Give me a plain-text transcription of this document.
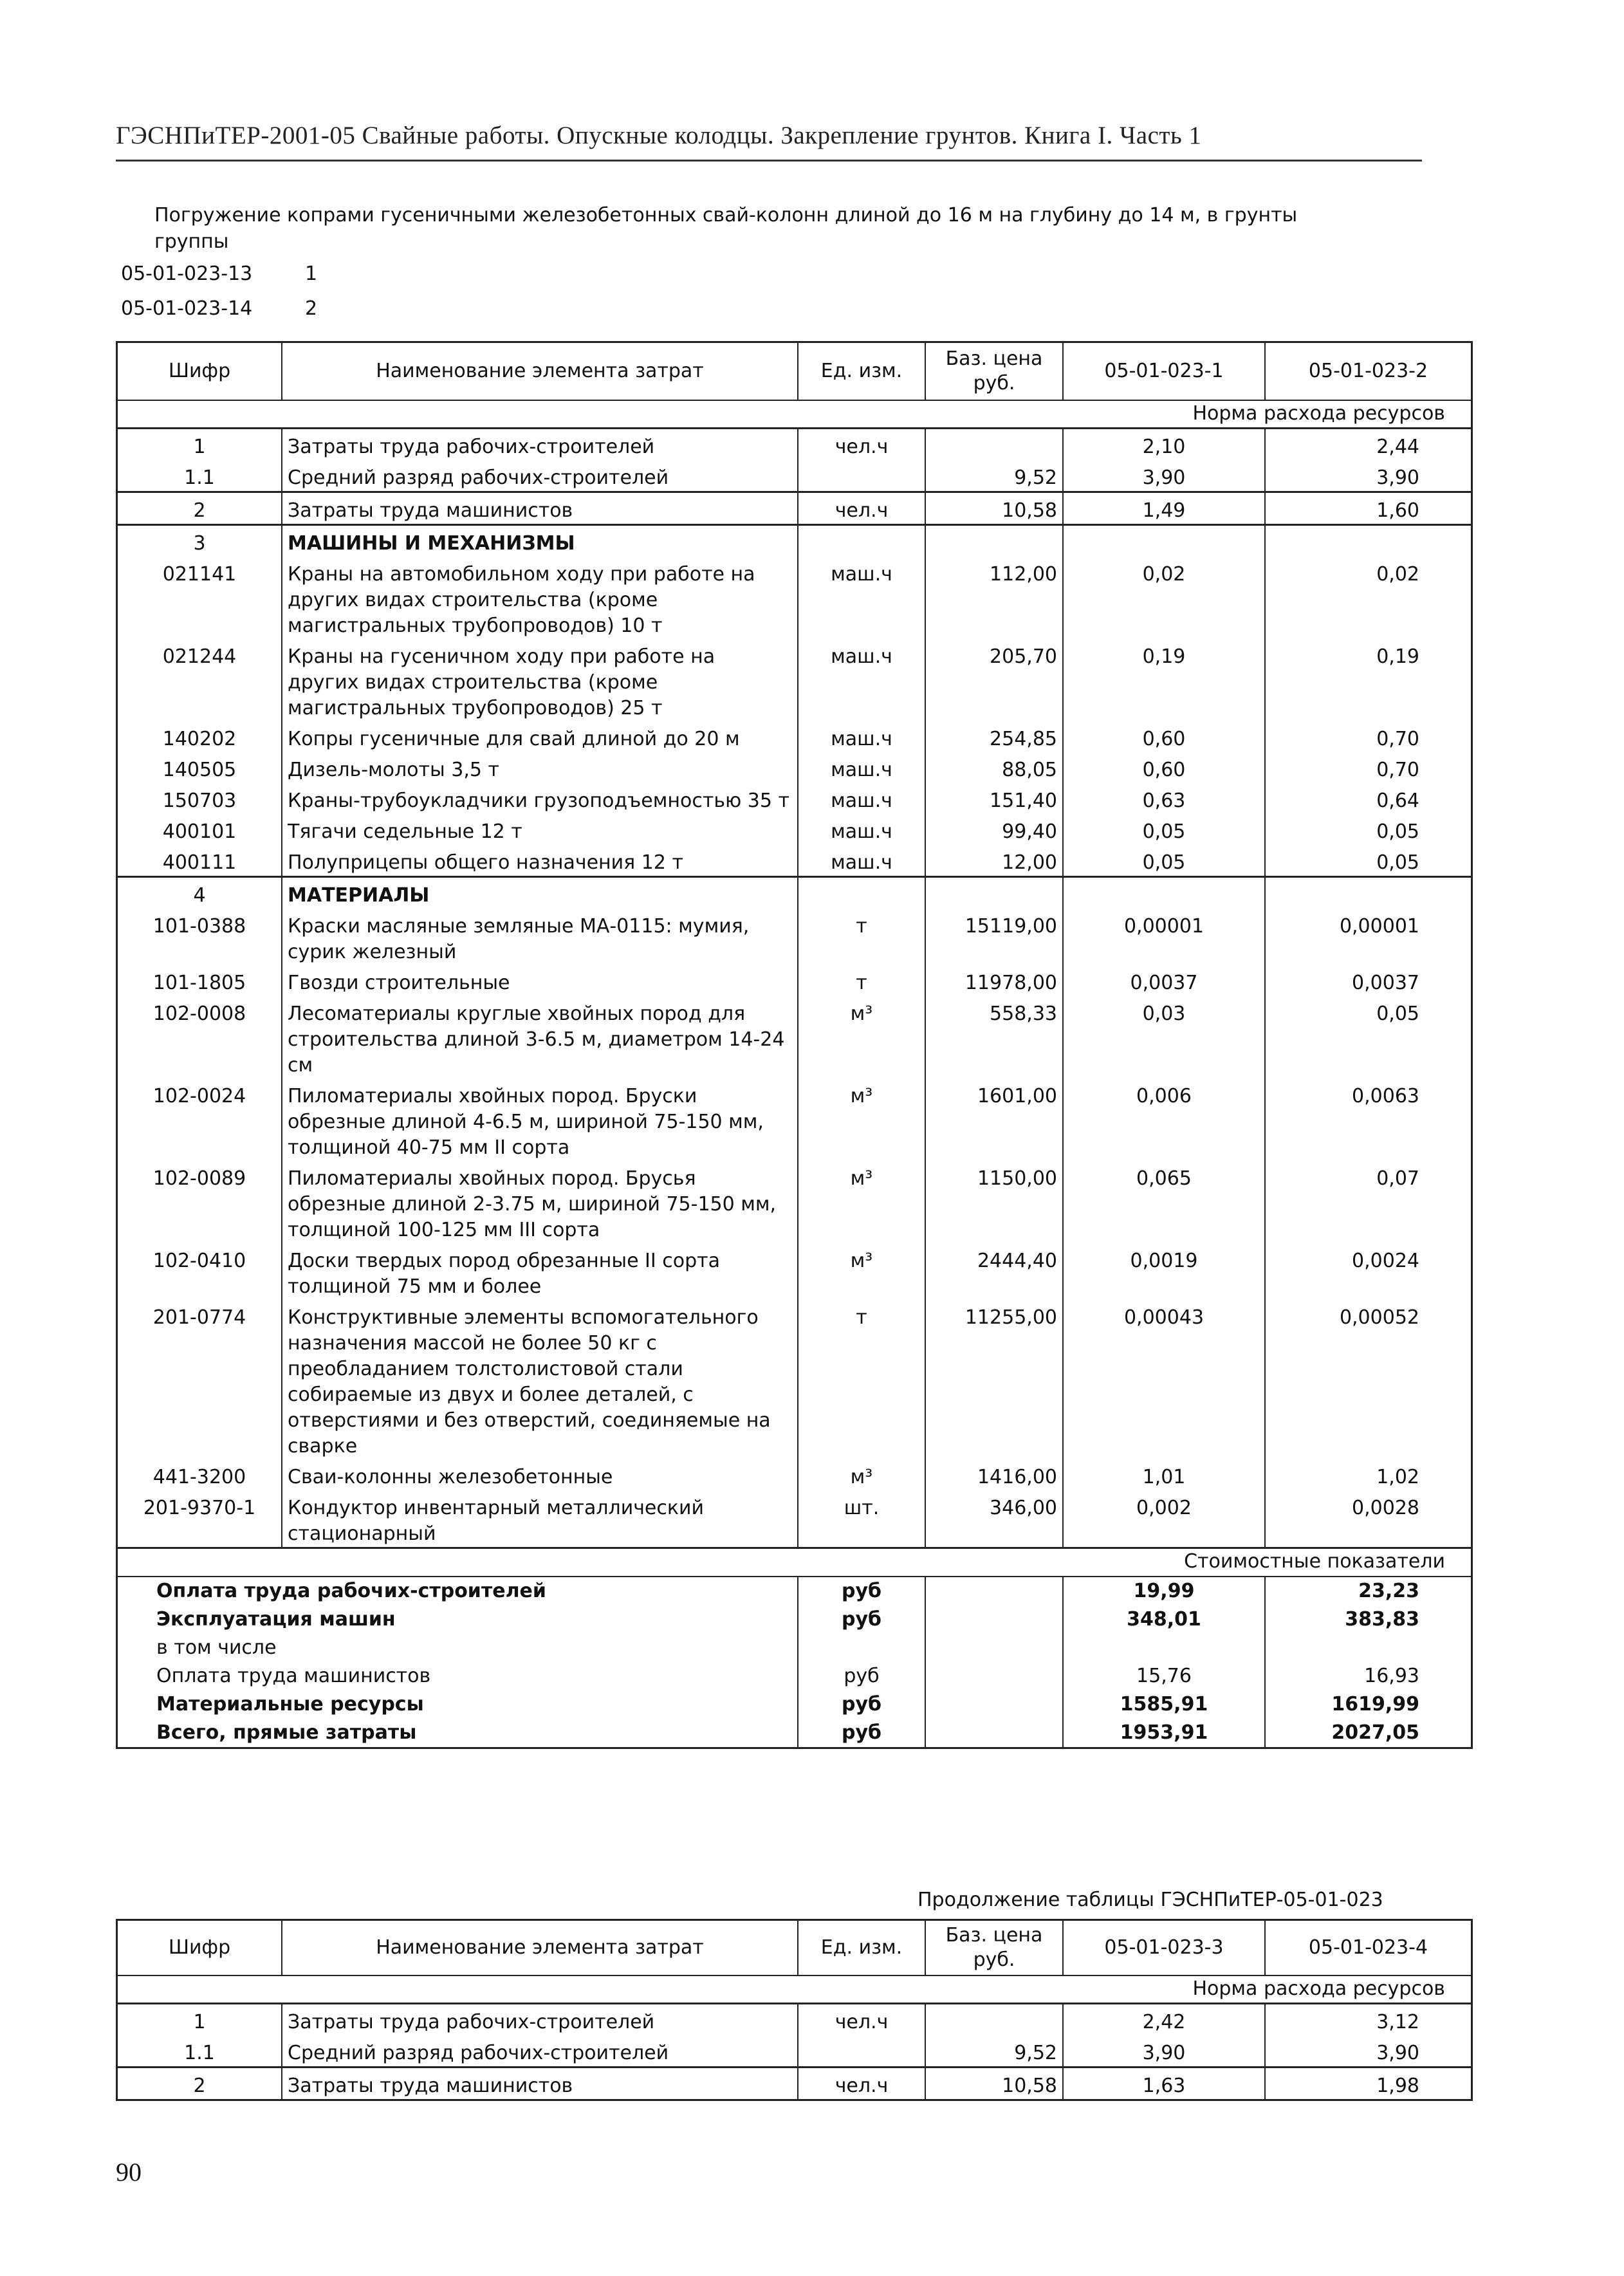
ГЭСНПиТЕР-2001-05 Свайные работы. Опускные колодцы. Закрепление грунтов. Книга I. Часть 1
Погружение копрами гусеничными железобетонных свай-колонн длиной до 16 м на глубину до 14 м, в грунты группы
05-01-023-13	1
05-01-023-14	2
Шифр	Наименование элемента затрат	Ед. изм.	Баз. цена руб.	05-01-023-1	05-01-023-2
Норма расхода ресурсов					
1	Затраты труда рабочих-строителей	чел.ч		2,10	2,44
1.1	Средний разряд рабочих-строителей		9,52	3,90	3,90
2	Затраты труда машинистов	чел.ч	10,58	1,49	1,60
3	МАШИНЫ И МЕХАНИЗМЫ				
021141	Краны на автомобильном ходу при работе на других видах строительства (кроме магистральных трубопроводов) 10 т	маш.ч	112,00	0,02	0,02
021244	Краны на гусеничном ходу при работе на других видах строительства (кроме магистральных трубопроводов) 25 т	маш.ч	205,70	0,19	0,19
140202	Копры гусеничные для свай длиной до 20 м	маш.ч	254,85	0,60	0,70
140505	Дизель-молоты 3,5 т	маш.ч	88,05	0,60	0,70
150703	Краны-трубоукладчики грузоподъемностью 35 т	маш.ч	151,40	0,63	0,64
400101	Тягачи седельные 12 т	маш.ч	99,40	0,05	0,05
400111	Полуприцепы общего назначения 12 т	маш.ч	12,00	0,05	0,05
4	МАТЕРИАЛЫ				
101-0388	Краски масляные земляные МА-0115: мумия, сурик железный	т	15119,00	0,00001	0,00001
101-1805	Гвозди строительные	т	11978,00	0,0037	0,0037
102-0008	Лесоматериалы круглые хвойных пород для строительства длиной 3-6.5 м, диаметром 14-24 см	м³	558,33	0,03	0,05
102-0024	Пиломатериалы хвойных пород. Бруски обрезные длиной 4-6.5 м, шириной 75-150 мм, толщиной 40-75 мм II сорта	м³	1601,00	0,006	0,0063
102-0089	Пиломатериалы хвойных пород. Брусья обрезные длиной 2-3.75 м, шириной 75-150 мм, толщиной 100-125 мм III сорта	м³	1150,00	0,065	0,07
102-0410	Доски твердых пород обрезанные II сорта толщиной 75 мм и более	м³	2444,40	0,0019	0,0024
201-0774	Конструктивные элементы вспомогательного назначения массой не более 50 кг с преобладанием толстолистовой стали собираемые из двух и более деталей, с отверстиями и без отверстий, соединяемые на сварке	т	11255,00	0,00043	0,00052
441-3200	Сваи-колонны железобетонные	м³	1416,00	1,01	1,02
201-9370-1	Кондуктор инвентарный металлический стационарный	шт.	346,00	0,002	0,0028
Стоимостные показатели					
Оплата труда рабочих-строителей		руб		19,99	23,23
Эксплуатация машин		руб		348,01	383,83
в том числе					
Оплата труда машинистов		руб		15,76	16,93
Материальные ресурсы		руб		1585,91	1619,99
Всего, прямые затраты		руб		1953,91	2027,05
Продолжение таблицы ГЭСНПиТЕР-05-01-023
Шифр	Наименование элемента затрат	Ед. изм.	Баз. цена руб.	05-01-023-3	05-01-023-4
Норма расхода ресурсов					
1	Затраты труда рабочих-строителей	чел.ч		2,42	3,12
1.1	Средний разряд рабочих-строителей		9,52	3,90	3,90
2	Затраты труда машинистов	чел.ч	10,58	1,63	1,98
90
